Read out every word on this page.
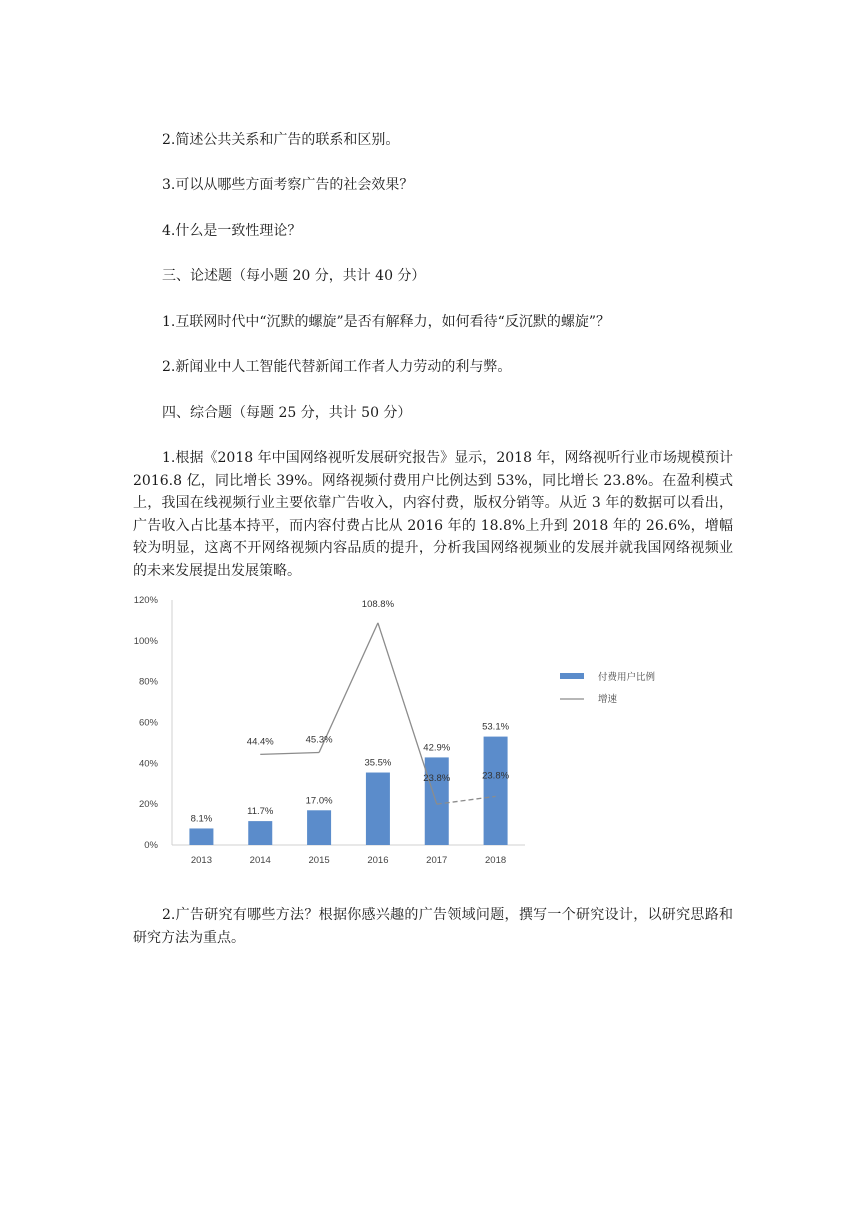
2.简述公共关系和广告的联系和区别。
3.可以从哪些方面考察广告的社会效果？
4.什么是一致性理论？
三、论述题（每小题 20 分，共计 40 分）
1.互联网时代中“沉默的螺旋”是否有解释力，如何看待“反沉默的螺旋”？
2.新闻业中人工智能代替新闻工作者人力劳动的利与弊。
四、综合题（每题 25 分，共计 50 分）
1.根据《2018 年中国网络视听发展研究报告》显示，2018 年，网络视听行业市场规模预计 2016.8 亿，同比增长 39%。网络视频付费用户比例达到 53%，同比增长 23.8%。在盈利模式上，我国在线视频行业主要依靠广告收入，内容付费，版权分销等。从近 3 年的数据可以看出，广告收入占比基本持平，而内容付费占比从 2016 年的 18.8%上升到 2018 年的 26.6%，增幅较为明显，这离不开网络视频内容品质的提升，分析我国网络视频业的发展并就我国网络视频业的未来发展提出发展策略。
0%
20%
40%
60%
80%
100%
120%
2013	2014	2015	2016	2017	2018
8.1%
11.7%
17.0%
35.5%
42.9%
53.1%
44.4%	45.3%
108.8%
23.8%	23.8%
付费用户比例
增速
2.广告研究有哪些方法？根据你感兴趣的广告领域问题，撰写一个研究设计，以研究思路和研究方法为重点。
